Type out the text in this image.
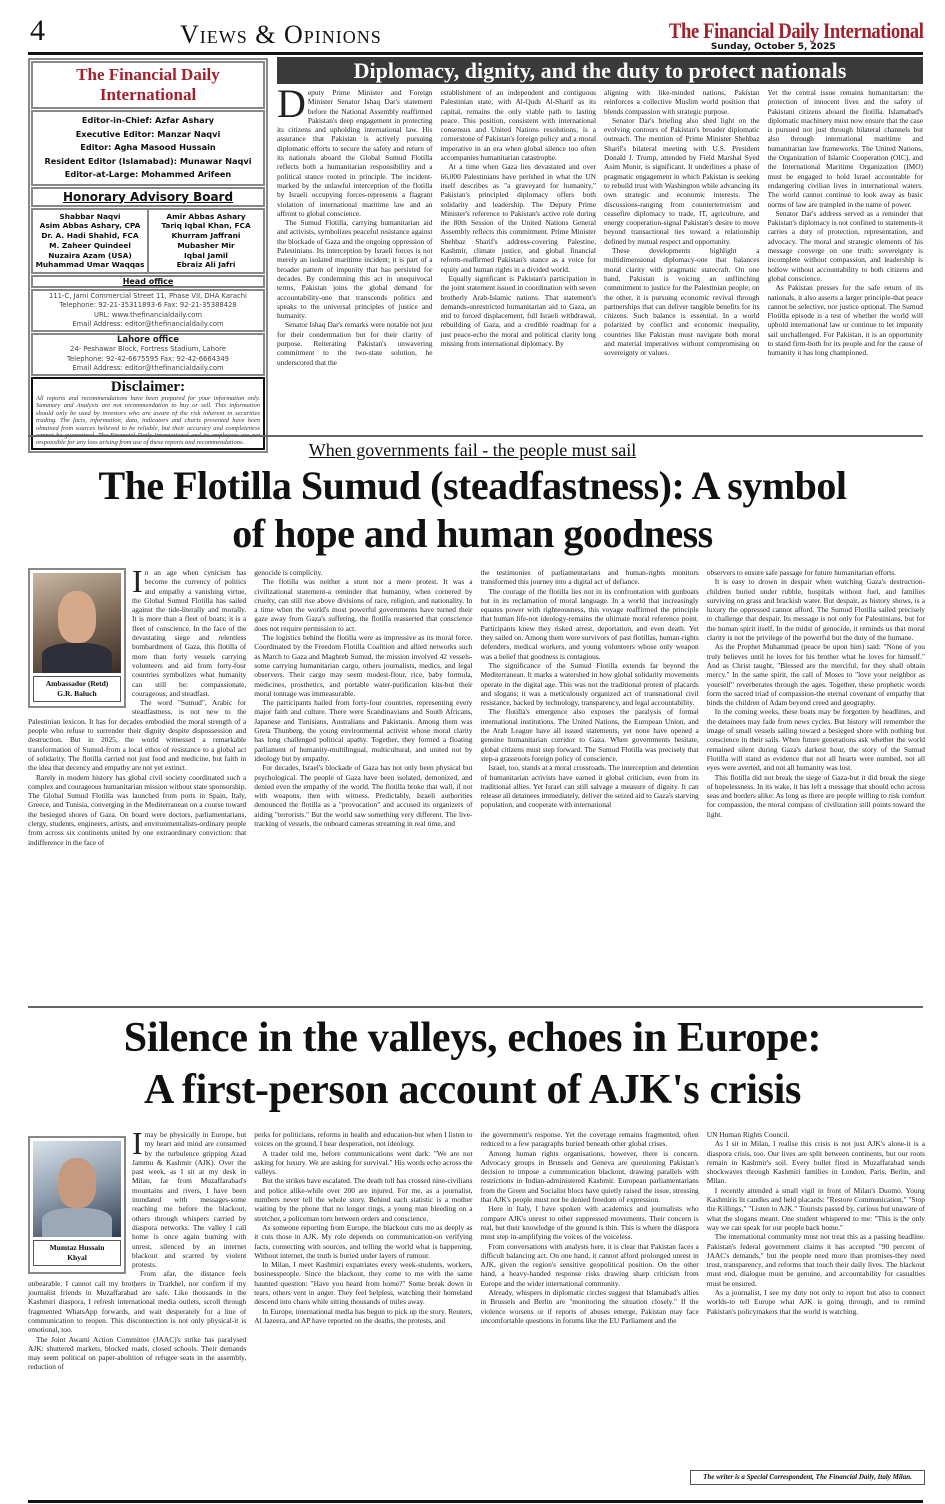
4	Views & Opinions	The Financial Daily International
Sunday, October 5, 2025
The Financial Daily International
Editor-in-Chief: Azfar Ashary
Executive Editor: Manzar Naqvi
Editor: Agha Masood Hussain
Resident Editor (Islamabad): Munawar Naqvi
Editor-at-Large: Mohammed Arifeen
Honorary Advisory Board
Shabbar Naqvi
Asim Abbas Ashary, CPA
Dr. A. Hadi Shahid, FCA
M. Zaheer Quindeel
Nuzaira Azam (USA)
Muhammad Umar Waqqas
Amir Abbas Ashary
Tariq Iqbal Khan, FCA
Khurram Jaffrani
Mubasher Mir
Iqbal Jamil
Ebraiz Ali Jafri
Head office
111-C, Jami Commercial Street 11, Phase VII, DHA Karachi
Telephone: 92-21-35311893-6 Fax: 92-21-35388428
URL: www.thefinancialdaily.com
Email Address: editor@thefinancialdaily.com
Lahore office
24- Peshawar Block, Fortress Stadium, Lahore
Telephone: 92-42-6675595 Fax: 92-42-6664349
Email Address: editor@thefinancialdaily.com
Disclaimer:

All reports and recommendations have been prepared for your information only. Summary and Analysis are not recommendation to buy or sell. This information should only be used by investors who are aware of the risk inherent in securities trading. The facts, information, data, indicators and charts presented have been obtained from sources believed to be reliable, but their accuracy and completeness cannot be guaranteed. The Financial Daily International and its employees are not responsible for any loss arising from use of these reports and recommendations.

Diplomacy, dignity, and the duty to protect nationals
D eputy Prime Minister and Foreign Minister Senator Ishaq Dar's statement before the National Assembly reaffirmed Pakistan's deep engagement in protecting its citizens and upholding international law. His assurance that Pakistan is actively pursuing diplomatic efforts to secure the safety and return of its nationals aboard the Global Sumud Flotilla reflects both a humanitarian responsibility and a political stance rooted in principle. The incident-marked by the unlawful interception of the flotilla by Israeli occupying forces-represents a flagrant violation of international maritime law and an affront to global conscience.

The Sumud Flotilla, carrying humanitarian aid and activists, symbolizes peaceful resistance against the blockade of Gaza and the ongoing oppression of Palestinians. Its interception by Israeli forces is not merely an isolated maritime incident; it is part of a broader pattern of impunity that has persisted for decades. By condemning this act in unequivocal terms, Pakistan joins the global demand for accountability-one that transcends politics and speaks to the universal principles of justice and humanity.

Senator Ishaq Dar's remarks were notable not just for their condemnation but for their clarity of purpose. Reiterating Pakistan's unwavering commitment to the two-state solution, he underscored that the

establishment of an independent and contiguous Palestinian state, with Al-Quds Al-Sharif as its capital, remains the only viable path to lasting peace. This position, consistent with international consensus and United Nations resolutions, is a cornerstone of Pakistan's foreign policy and a moral imperative in an era when global silence too often accompanies humanitarian catastrophe.

At a time when Gaza lies devastated and over 66,000 Palestinians have perished in what the UN itself describes as "a graveyard for humanity," Pakistan's principled diplomacy offers both solidarity and leadership. The Deputy Prime Minister's reference to Pakistan's active role during the 80th Session of the United Nations General Assembly reflects this commitment. Prime Minister Shehbaz Sharif's address-covering Palestine, Kashmir, climate justice, and global financial reform-reaffirmed Pakistan's stance as a voice for equity and human rights in a divided world.

Equally significant is Pakistan's participation in the joint statement issued in coordination with seven brotherly Arab-Islamic nations. That statement's demands-unrestricted humanitarian aid to Gaza, an end to forced displacement, full Israeli withdrawal, rebuilding of Gaza, and a credible roadmap for a just peace-echo the moral and political clarity long missing from international diplomacy. By

aligning with like-minded nations, Pakistan reinforces a collective Muslim world position that blends compassion with strategic purpose.

Senator Dar's briefing also shed light on the evolving contours of Pakistan's broader diplomatic outreach. The mention of Prime Minister Shehbaz Sharif's bilateral meeting with U.S. President Donald J. Trump, attended by Field Marshal Syed Asim Munir, is significant. It underlines a phase of pragmatic engagement in which Pakistan is seeking to rebuild trust with Washington while advancing its own strategic and economic interests. The discussions-ranging from counterterrorism and ceasefire diplomacy to trade, IT, agriculture, and energy cooperation-signal Pakistan's desire to move beyond transactional ties toward a relationship defined by mutual respect and opportunity.

These developments highlight a multidimensional diplomacy-one that balances moral clarity with pragmatic statecraft. On one hand, Pakistan is voicing an unflinching commitment to justice for the Palestinian people; on the other, it is pursuing economic revival through partnerships that can deliver tangible benefits for its citizens. Such balance is essential. In a world polarized by conflict and economic inequality, countries like Pakistan must navigate both moral and material imperatives without compromising on sovereignty or values.

Yet the central issue remains humanitarian: the protection of innocent lives and the safety of Pakistani citizens aboard the flotilla. Islamabad's diplomatic machinery must now ensure that the case is pursued not just through bilateral channels but also through international maritime and humanitarian law frameworks. The United Nations, the Organization of Islamic Cooperation (OIC), and the International Maritime Organization (IMO) must be engaged to hold Israel accountable for endangering civilian lives in international waters. The world cannot continue to look away as basic norms of law are trampled in the name of power.

Senator Dar's address served as a reminder that Pakistan's diplomacy is not confined to statements-it carries a duty of protection, representation, and advocacy. The moral and strategic elements of his message converge on one truth: sovereignty is incomplete without compassion, and leadership is hollow without accountability to both citizens and global conscience.

As Pakistan presses for the safe return of its nationals, it also asserts a larger principle-that peace cannot be selective, nor justice optional. The Sumud Flotilla episode is a test of whether the world will uphold international law or continue to let impunity sail unchallenged. For Pakistan, it is an opportunity to stand firm-both for its people and for the cause of humanity it has long championed.

When governments fail - the people must sail
The Flotilla Sumud (steadfastness): A symbol
of hope and human goodness
Ambassador (Retd)
G.R. Baluch
I n an age when cynicism has become the currency of politics and empathy a vanishing virtue, the Global Sumud Flotilla has sailed against the tide-literally and morally. It is more than a fleet of boats; it is a fleet of conscience. In the face of the devastating siege and relentless bombardment of Gaza, this flotilla of more than forty vessels carrying volunteers and aid from forty-four countries symbolizes what humanity can still be: compassionate, courageous, and steadfast.

The word "Sumud", Arabic for steadfastness, is not new to the Palestinian lexicon. It has for decades embodied the moral strength of a people who refuse to surrender their dignity despite dispossession and destruction. But in 2025, the world witnessed a remarkable transformation of Sumud-from a local ethos of resistance to a global act of solidarity. The flotilla carried not just food and medicine, but faith in the idea that decency and empathy are not yet extinct.

Rarely in modern history has global civil society coordinated such a complex and courageous humanitarian mission without state sponsorship. The Global Sumud Flotilla was launched from ports in Spain, Italy, Greece, and Tunisia, converging in the Mediterranean on a course toward the besieged shores of Gaza. On board were doctors, parliamentarians, clergy, students, engineers, artists, and environmentalists-ordinary people from across six continents united by one extraordinary conviction: that indifference in the face of

genocide is complicity.

The flotilla was neither a stunt nor a mere protest. It was a civilizational statement-a reminder that humanity, when cornered by cruelty, can still rise above divisions of race, religion, and nationality. In a time when the world's most powerful governments have turned their gaze away from Gaza's suffering, the flotilla reasserted that conscience does not require permission to act.

The logistics behind the flotilla were as impressive as its moral force. Coordinated by the Freedom Flotilla Coalition and allied networks such as March to Gaza and Maghreb Sumud, the mission involved 42 vessels-some carrying humanitarian cargo, others journalists, medics, and legal observers. Their cargo may seem modest-flour, rice, baby formula, medicines, prosthetics, and portable water-purification kits-but their moral tonnage was immeasurable.

The participants hailed from forty-four countries, representing every major faith and culture. There were Scandinavians and South Africans, Japanese and Tunisians, Australians and Pakistanis. Among them was Greta Thunberg, the young environmental activist whose moral clarity has long challenged political apathy. Together, they formed a floating parliament of humanity-multilingual, multicultural, and united not by ideology but by empathy.

For decades, Israel's blockade of Gaza has not only been physical but psychological. The people of Gaza have been isolated, demonized, and denied even the empathy of the world. The flotilla broke that wall, if not with weapons, then with witness. Predictably, Israeli authorities denounced the flotilla as a "provocation" and accused its organizers of aiding "terrorists." But the world saw something very different. The live-tracking of vessels, the onboard cameras streaming in real time, and

the testimonies of parliamentarians and human-rights monitors transformed this journey into a digital act of defiance.

The courage of the flotilla lies not in its confrontation with gunboats but in its reclamation of moral language. In a world that increasingly equates power with righteousness, this voyage reaffirmed the principle that human life-not ideology-remains the ultimate moral reference point. Participants knew they risked arrest, deportation, and even death. Yet they sailed on. Among them were survivors of past flotillas, human-rights defenders, medical workers, and young volunteers whose only weapon was a belief that goodness is contagious.

The significance of the Sumud Flotilla extends far beyond the Mediterranean. It marks a watershed in how global solidarity movements operate in the digital age. This was not the traditional protest of placards and slogans; it was a meticulously organized act of transnational civil resistance, backed by technology, transparency, and legal accountability.

The flotilla's emergence also exposes the paralysis of formal international institutions. The United Nations, the European Union, and the Arab League have all issued statements, yet none have opened a genuine humanitarian corridor to Gaza. When governments hesitate, global citizens must step forward. The Sumud Flotilla was precisely that step-a grassroots foreign policy of conscience.

Israel, too, stands at a moral crossroads. The interception and detention of humanitarian activists have earned it global criticism, even from its traditional allies. Yet Israel can still salvage a measure of dignity. It can release all detainees immediately, deliver the seized aid to Gaza's starving population, and cooperate with international

observers to ensure safe passage for future humanitarian efforts.

It is easy to drown in despair when watching Gaza's destruction-children buried under rubble, hospitals without fuel, and families surviving on grass and brackish water. But despair, as history shows, is a luxury the oppressed cannot afford. The Sumud Flotilla sailed precisely to challenge that despair. Its message is not only for Palestinians, but for the human spirit itself. In the midst of genocide, it reminds us that moral clarity is not the privilege of the powerful but the duty of the humane.

As the Prophet Muhammad (peace be upon him) said: "None of you truly believes until he loves for his brother what he loves for himself." And as Christ taught, "Blessed are the merciful, for they shall obtain mercy." In the same spirit, the call of Moses to "love your neighbor as yourself" reverberates through the ages. Together, these prophetic words form the sacred triad of compassion-the eternal covenant of empathy that binds the children of Adam beyond creed and geography.

In the coming weeks, these boats may be forgotten by headlines, and the detainees may fade from news cycles. But history will remember the image of small vessels sailing toward a besieged shore with nothing but conscience in their sails. When future generations ask whether the world remained silent during Gaza's darkest hour, the story of the Sumud Flotilla will stand as evidence that not all hearts were numbed, not all eyes were averted, and not all humanity was lost.

This flotilla did not break the siege of Gaza-but it did break the siege of hopelessness. In its wake, it has left a message that should echo across seas and borders alike: As long as there are people willing to risk comfort for compassion, the moral compass of civilization still points toward the light.

Silence in the valleys, echoes in Europe:
A first-person account of AJK's crisis
Mumtaz Hussain
Khyal
I may be physically in Europe, but my heart and mind are consumed by the turbulence gripping Azad Jammu & Kashmir (AJK). Over the past week, as I sit at my desk in Milan, far from Muzaffarabad's mountains and rivers, I have been inundated with messages-some reaching me before the blackout, others through whispers carried by diaspora networks. The valley I call home is once again burning with unrest, silenced by an internet blackout and scarred by violent protests.

From afar, the distance feels unbearable. I cannot call my brothers in Trarkhel, nor confirm if my journalist friends in Muzaffarabad are safe. Like thousands in the Kashmiri diaspora, I refresh international media outlets, scroll through fragmented WhatsApp forwards, and wait desperately for a line of communication to reopen. This disconnection is not only physical-it is emotional, too.

The Joint Awami Action Committee (JAAC)'s strike has paralysed AJK: shuttered markets, blocked roads, closed schools. Their demands may seem political on paper-abolition of refugee seats in the assembly, reduction of

perks for politicians, reforms in health and education-but when I listen to voices on the ground, I hear desperation, not ideology.

A trader told me, before communications went dark: "We are not asking for luxury. We are asking for survival." His words echo across the valleys.

But the strikes have escalated. The death toll has crossed nine-civilians and police alike-while over 200 are injured. For me, as a journalist, numbers never tell the whole story. Behind each statistic is a mother waiting by the phone that no longer rings, a young man bleeding on a stretcher, a policeman torn between orders and conscience.

As someone reporting from Europe, the blackout cuts me as deeply as it cuts those in AJK. My role depends on communication-on verifying facts, connecting with sources, and telling the world what is happening. Without internet, the truth is buried under layers of rumour.

In Milan, I meet Kashmiri expatriates every week-students, workers, businesspeople. Since the blackout, they come to me with the same haunted question: "Have you heard from home?" Some break down in tears, others vent in anger. They feel helpless, watching their homeland descend into chaos while sitting thousands of miles away.

In Europe, international media has begun to pick up the story. Reuters, Al Jazeera, and AP have reported on the deaths, the protests, and

the government's response. Yet the coverage remains fragmented, often reduced to a few paragraphs buried beneath other global crises.

Among human rights organisations, however, there is concern. Advocacy groups in Brussels and Geneva are questioning Pakistan's decision to impose a communication blackout, drawing parallels with restrictions in Indian-administered Kashmir. European parliamentarians from the Green and Socialist blocs have quietly raised the issue, stressing that AJK's people must not be denied freedom of expression.

Here in Italy, I have spoken with academics and journalists who compare AJK's unrest to other suppressed movements. Their concern is real, but their knowledge of the ground is thin. This is where the diaspora must step in-amplifying the voices of the voiceless.

From conversations with analysts here, it is clear that Pakistan faces a difficult balancing act. On one hand, it cannot afford prolonged unrest in AJK, given the region's sensitive geopolitical position. On the other hand, a heavy-handed response risks drawing sharp criticism from Europe and the wider international community.

Already, whispers in diplomatic circles suggest that Islamabad's allies in Brussels and Berlin are "monitoring the situation closely." If the violence worsens or if reports of abuses emerge, Pakistan may face uncomfortable questions in forums like the EU Parliament and the

UN Human Rights Council.

As I sit in Milan, I realise this crisis is not just AJK's alone-it is a diaspora crisis, too. Our lives are split between continents, but our roots remain in Kashmir's soil. Every bullet fired in Muzaffarabad sends shockwaves through Kashmiri families in London, Paris, Berlin, and Milan.

I recently attended a small vigil in front of Milan's Duomo. Young Kashmiris lit candles and held placards: "Restore Communication," "Stop the Killings," "Listen to AJK." Tourists passed by, curious but unaware of what the slogans meant. One student whispered to me: "This is the only way we can speak for our people back home."

The international community must not treat this as a passing headline. Pakistan's federal government claims it has accepted "90 percent of JAAC's demands," but the people need more than promises-they need trust, transparency, and reforms that touch their daily lives. The blackout must end, dialogue must be genuine, and accountability for casualties must be ensured.

As a journalist, I see my duty not only to report but also to connect worlds-to tell Europe what AJK is going through, and to remind Pakistan's policymakers that the world is watching.

The writer is a Special Correspondent, The Financial Daily, Italy Milan.
